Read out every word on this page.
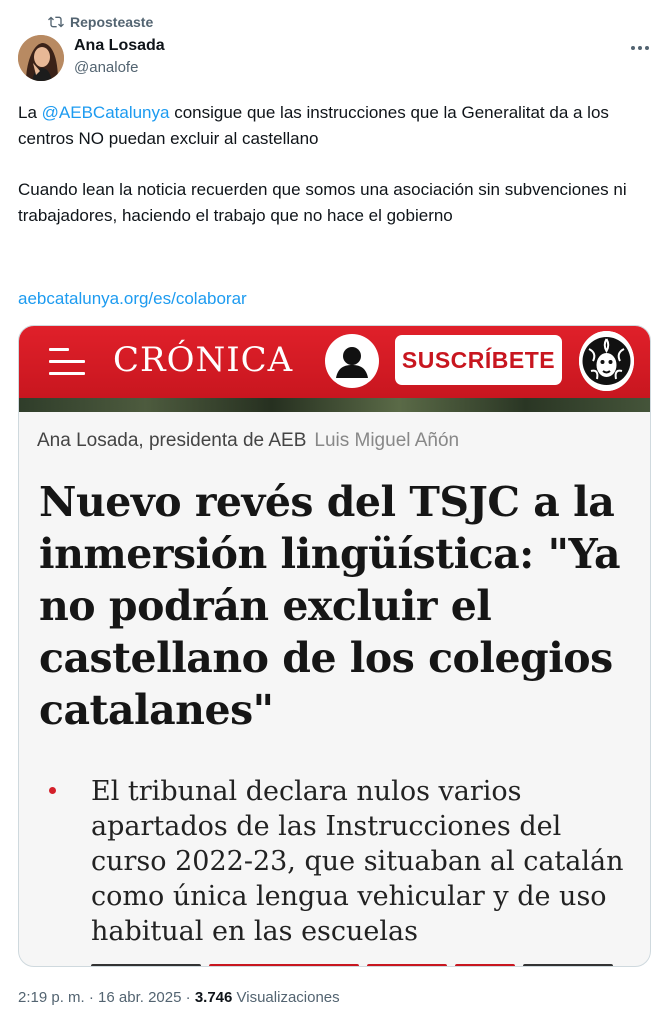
Reposteaste
Ana Losada
@analofe
La @AEBCatalunya consigue que las instrucciones que la Generalitat da a los centros NO puedan excluir al castellano
Cuando lean la noticia recuerden que somos una asociación sin subvenciones ni trabajadores, haciendo el trabajo que no hace el gobierno
aebcatalunya.org/es/colaborar
CRÓNICA	SUSCRÍBETE
Ana Losada, presidenta de AEB Luis Miguel Añón
Nuevo revés del TSJC a la inmersión lingüística: "Ya no podrán excluir el castellano de los colegios catalanes"
El tribunal declara nulos varios apartados de las Instrucciones del curso 2022-23, que situaban al catalán como única lengua vehicular y de uso habitual en las escuelas
2:19 p. m. · 16 abr. 2025 · 3.746 Visualizaciones
